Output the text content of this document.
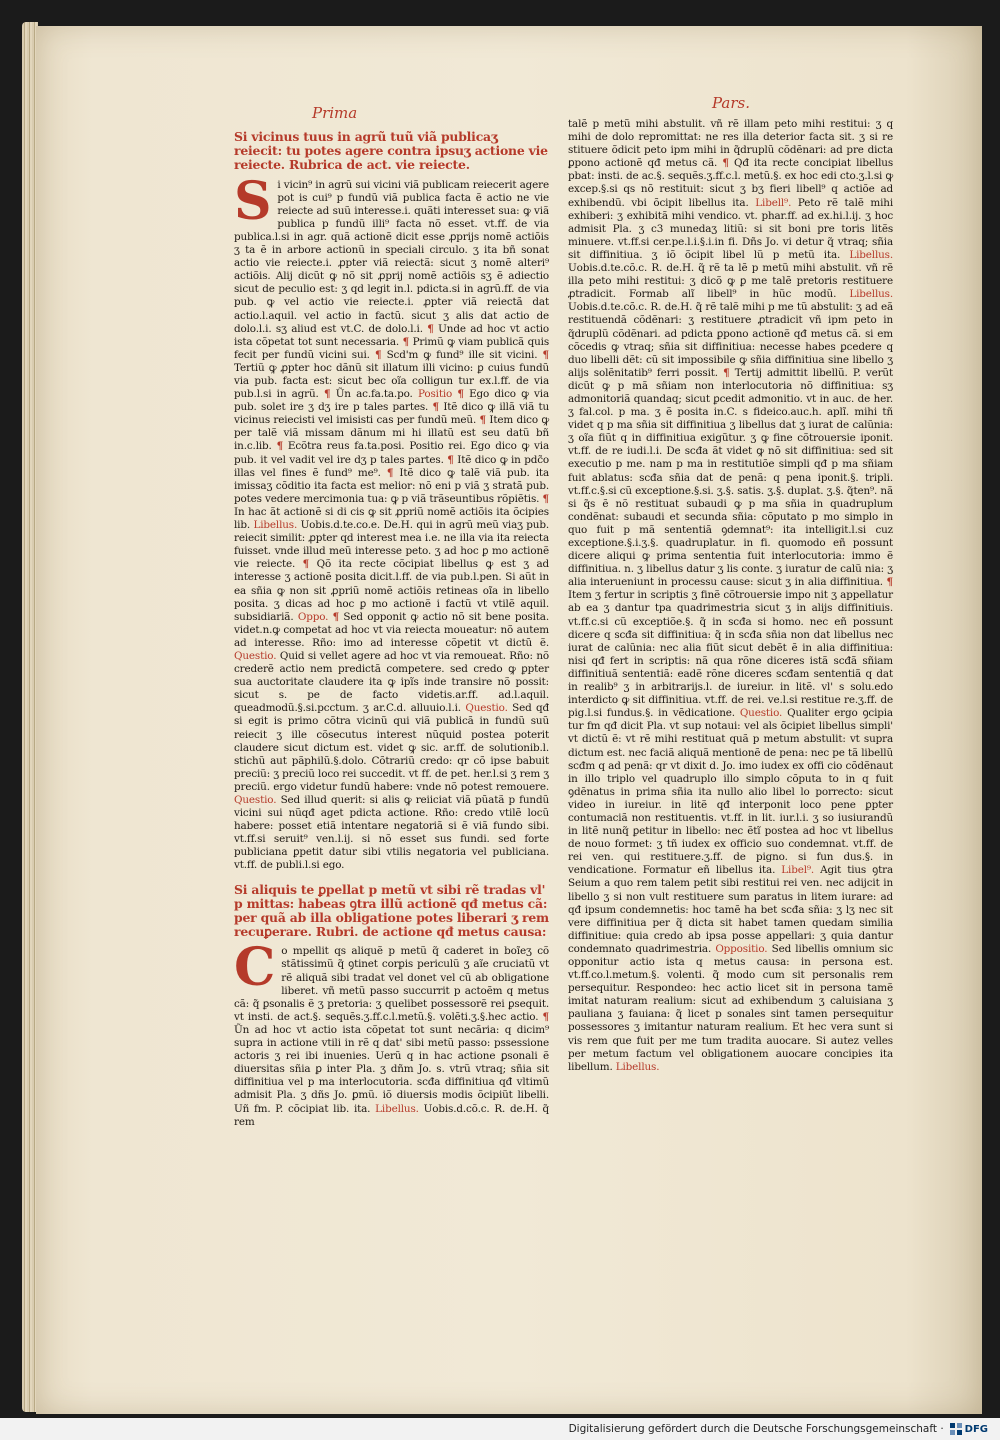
Prima
Pars.

Si vicinus tuus in agrũ tuũ viã publicaʒ reiecit: tu potes agere contra ipsuʒ actione vie reiecte. Rubrica de act. vie reiecte.

S i vicin⁹ in agrũ sui vicini viã publicam reiecerit agere pot is cui⁹ p fundũ viã publica facta ẽ actio ne vie reiecte ad suũ interesse.i. quãti interesset sua: ꝙ viã publica p fundũ illi⁹ facta nõ esset. vt.ff. de via publica.l.si in agr. quã actionẽ dicit esse ꝓprijs nomẽ actiõis ʒ ta ẽ in arbore actionũ in speciali circulo. ʒ ita bñ sonat actio vie reiecte.i. ꝓpter viã reiectã: sicut ʒ nomẽ alteri⁹ actiõis. Alij dicũt ꝙ nõ sit ꝓprij nomẽ actiõis sʒ ẽ adiectio sicut de peculio est: ʒ qd legit in.l. pdicta.si in agrũ.ff. de via pub. ꝙ vel actio vie reiecte.i. ꝓpter viã reiectã dat actio.l.aquil. vel actio in factũ. sicut ʒ alis dat actio de dolo.l.i. sʒ aliud est vt.C. de dolo.l.i. ¶ Unde ad hoc vt actio ista cõpetat tot sunt necessaria. ¶ Primũ ꝙ viam publicã quis fecit per fundũ vicini sui. ¶ Scd'm ꝙ fund⁹ ille sit vicini. ¶ Tertiũ ꝙ ꝓpter hoc dãnũ sit illatum illi vicino: ꝑ cuius fundũ via pub. facta est: sicut bec oĩa colligun tur ex.l.ff. de via pub.l.si in agrũ. ¶ Ũn ac.fa.ta.po. Positio ¶ Ego dico ꝙ via pub. solet ire ʒ dʒ ire p tales partes. ¶ Itẽ dico ꝙ illã viã tu vicinus reiecisti vel imisisti cas per fundũ meũ. ¶ Item dico ꝙ per talẽ viã missam dãnum mi hi illatũ est seu datũ bñ in.c.lib. ¶ Ecõtra reus fa.ta.posi. Positio rei. Ego dico ꝙ via pub. it vel vadit vel ire dʒ p tales partes. ¶ Itẽ dico ꝙ in pdc̃o illas vel fines ẽ fund⁹ me⁹. ¶ Itẽ dico ꝙ talẽ viã pub. ita imissaʒ cõditio ita facta est melior: nõ eni p viã ʒ stratã pub. potes vedere mercimonia tua: ꝙ p viã trãseuntibus rõpiẽtis. ¶ In hac ãt actionẽ si di cis ꝙ sit ꝓpriũ nomẽ actiõis ita õcipies lib. Libellus. Uobis.d.te.co.e. De.H. qui in agrũ meũ viaʒ pub. reiecit similit: ꝓpter qd interest mea i.e. ne illa via ita reiecta fuisset. vnde illud meũ interesse peto. ʒ ad hoc ꝑ mo actionẽ vie reiecte. ¶ Qõ ita recte cõcipiat libellus ꝙ est ʒ ad interesse ʒ actionẽ posita dicit.l.ff. de via pub.l.pen. Si aũt in ea sñia ꝙ non sit ꝓpriũ nomẽ actiõis retineas oĩa in libello posita. ʒ dicas ad hoc ꝑ mo actionẽ i factũ vt vtilẽ aquil. subsidiariã. Oppo. ¶ Sed opponit ꝙ actio nõ sit bene posita. videt.n.ꝙ competat ad hoc vt via reiecta moueatur: nõ autem ad interesse. Rño: imo ad interesse cõpetit vt dictũ ẽ. Questio. Quid si vellet agere ad hoc vt via remoueat. Rño: nõ crederẽ actio nem predictã competere. sed credo ꝙ ꝑpter sua auctoritate claudere ita ꝙ ipĩs inde transire nõ possit: sicut s. pe de facto videtis.ar.ff. ad.l.aquil. queadmodũ.§.si.pcctum. ʒ ar.C.d. alluuio.l.i. Questio. Sed qđ si egit is primo cõtra vicinũ qui viã publicã in fundũ suũ reiecit ʒ ille cõsecutus interest nũquid postea poterit claudere sicut dictum est. videt ꝙ sic. ar.ff. de solutionib.l. stichũ aut pãphilũ.§.dolo. Cõtrariũ credo: qr cõ ipse babuit preciũ: ʒ preciũ loco rei succedit. vt ff. de pet. her.l.si ʒ rem ʒ preciũ. ergo videtur fundũ habere: vnde nõ potest remouere. Questio. Sed illud querit: si alis ꝙ reiiciat viã pũatã p fundũ vicini sui nũqđ aget pdicta actione. Rño: credo vtilẽ locũ habere: posset etiã intentare negatoriã si ẽ viã fundo sibi. vt.ff.si seruit⁹ ven.l.ij. si nõ esset sus fundi. sed forte publiciana ꝑpetit datur sibi vtilis negatoria vel publiciana. vt.ff. de publi.l.si ego.

Si aliquis te ꝑpellat p metũ vt sibi rẽ tradas vl' p mittas: habeas ꝯtra illũ actionẽ qđ metus cã: per quã ab illa obligatione potes liberari ʒ rem recuꝑerare. Rubri. de actione qđ metus causa:

C o mpellit qs aliquẽ p metũ q̃ caderet in boĩeʒ cõ stãtissimũ q̃ ꝯtinet corꝑis periculũ ʒ aĩe cruciatũ vt rẽ aliquã sibi tradat vel donet vel cũ ab obligatione liberet. vñ metũ passo succurrit p actoẽm q metus cã: q̃ ꝑsonalis ẽ ʒ pretoria: ʒ quelibet possessorẽ rei ꝑsequit. vt insti. de act.§. sequẽs.ʒ.ff.c.l.metũ.§. volẽti.ʒ.§.hec actio. ¶ Ũn ad hoc vt actio ista cõpetat tot sunt necãria: q dicim⁹ supra in actione vtili in rẽ q dat' sibi metũ passo: pssessione actoris ʒ rei ibi inuenies. Uerũ q in hac actione ꝑsonali ẽ diuersitas sñia ꝑ inter Pla. ʒ dñm Jo. s. vtrũ vtraq; sñia sit diffinitiua vel p ma interlocutoria. scđa diffinitiua qđ vltimũ admisit Pla. ʒ dñs Jo. ꝑmũ. iõ diuersis modis õcipiũt libelli. Uñ fm. P. cõcipiat lib. ita. Libellus. Uobis.d.cõ.c. R. de.H. q̃ rem

talẽ p metũ mihi abstulit. vñ rẽ illam peto mihi restitui: ʒ q mihi de dolo repromittat: ne res illa deterior facta sit. ʒ si re stituere õdicit peto ipm mihi in q̃druplũ cõdẽnari: ad pre dicta ꝑpono actionẽ qđ metus cã. ¶ Qđ ita recte concipiat libellus pbat: insti. de ac.§. sequẽs.ʒ.ff.c.l. metũ.§. ex hoc edi cto.ʒ.l.si ꝙ excep.§.si qs nõ restituit: sicut ʒ bʒ fieri libell⁹ q actiõe ad exhibendũ. vbi õcipit libellus ita. Libell⁹. Peto rẽ talẽ mihi exhiberi: ʒ exhibitã mihi vendico. vt. phar.ff. ad ex.hi.l.ij. ʒ hoc admisit Pla. ʒ c3 munedaʒ litiũ: si sit boni pre toris litẽs minuere. vt.ff.si cer.pe.l.i.§.i.in fi. Dñs Jo. vi detur q̃ vtraq; sñia sit diffinitiua. ʒ iõ õcipit libel lũ p metũ ita. Libellus. Uobis.d.te.cõ.c. R. de.H. q̃ rẽ ta lẽ p metũ mihi abstulit. vñ rẽ illa peto mihi restitui: ʒ dicõ ꝙ ꝑ me talẽ pretoris restituere ꝓtradicit. Formab alĩ libell⁹ in hũc modũ. Libellus. Uobis.d.te.cõ.c. R. de.H. q̃ rẽ talẽ mihi p me tũ abstulit: ʒ ad eã restituendã cõdẽnari: ʒ restituere ꝓtradicit vñ ipm peto in q̃druplũ cõdẽnari. ad pdicta ꝑpono actionẽ qđ metus cã. si em cõcedis ꝙ vtraq; sñia sit diffinitiua: necesse habes ꝑcedere q duo libelli dẽt: cũ sit impossibile ꝙ sñia diffinitiua sine libello ʒ alijs solẽnitatib⁹ ferri possit. ¶ Tertij admittit libellũ. P. verũt dicũt ꝙ p mã sñiam non interlocutoria nõ diffinitiua: sʒ admonitoriã quandaq; sicut ꝑcedit admonitio. vt in auc. de her. ʒ fal.col. p ma. ʒ ẽ posita in.C. s fideico.auc.h. aplĩ. mihi tñ videt q p ma sñia sit diffinitiua ʒ libellus dat ʒ iurat de calũnia: ʒ oĩa fiũt q in diffinitiua exigũtur. ʒ ꝙ fine cõtrouersie iponit. vt.ff. de re iudi.l.i. De scđa ãt videt ꝙ nõ sit diffinitiua: sed sit executio p me. nam p ma in restitutiõe simpli qđ p ma sñiam fuit ablatus: scđa sñia dat de penã: q pena iponit.§. tripli. vt.ff.c.§.si cũ exceptione.§.si. ʒ.§. satis. ʒ.§. duplat. ʒ.§. q̃ten⁹. nã si q̃s ẽ nõ restituat subaudi ꝙ p ma sñia in quadruplum condẽnat: subaudi et secunda sñia: cõputato p mo simplo in quo fuit p mã sententiã ꝯdemnat⁹: ita intelligit.l.si cuz exceptione.§.i.ʒ.§. quadruplatur. in fi. quomodo eñ possunt dicere aliqui ꝙ prima sententia fuit interlocutoria: immo ẽ diffinitiua. n. ʒ libellus datur ʒ lis conte. ʒ iuratur de calũ nia: ʒ alia interueniunt in processu cause: sicut ʒ in alia diffinitiua. ¶ Item ʒ fertur in scriptis ʒ finẽ cõtrouersie impo nit ʒ appellatur ab ea ʒ dantur tpa quadrimestria sicut ʒ in alijs diffinitiuis. vt.ff.c.si cũ exceptiõe.§. q̃ in scđa si homo. nec eñ possunt dicere q scđa sit diffinitiua: q̃ in scđa sñia non dat libellus nec iurat de calũnia: nec alia fiũt sicut debẽt ẽ in alia diffinitiua: nisi qđ fert in scriptis: nã qua rõne diceres istã scđã sñiam diffinitiuã sententiã: eadẽ rõne diceres scđam sententiã q dat in realib⁹ ʒ in arbitrarijs.l. de iureiur. in litẽ. vl' s solu.edo interdicto ꝙ sit diffinitiua. vt.ff. de rei. ve.l.si restitue re.ʒ.ff. de pig.l.si fundus.§. in vẽdicatione. Questio. Qualiter ergo ꝯcipia tur fm qđ dicit Pla. vt sup notaui: vel als õcipiet libellus simpli' vt dictũ ẽ: vt rẽ mihi restituat quã p metum abstulit: vt supra dictum est. nec faciã aliquã mentionẽ de pena: nec pe tã libellũ scđm q ad penã: qr vt dixit d. Jo. imo iudex ex offi cio cõdẽnaut in illo triplo vel quadruplo illo simplo cõputa to in q fuit ꝯdẽnatus in prima sñia ita nullo alio libel lo porrecto: sicut video in iureiur. in litẽ qđ interponit loco pene ꝑpter contumaciã non restituentis. vt.ff. in lit. iur.l.i. ʒ so iusiurandũ in litẽ nunq̃ ꝑetitur in libello: nec ẽtĩ postea ad hoc vt libellus de nouo formet: ʒ tñ iudex ex officio suo condemnat. vt.ff. de rei ven. qui restituere.ʒ.ff. de pigno. si fun dus.§. in vendicatione. Formatur eñ libellus ita. Libel⁹. Agit tius ꝯtra Seium a quo rem talem petit sibi restitui rei ven. nec adijcit in libello ʒ si non vult restituere sum paratus in litem iurare: ad qđ ipsum condemnetis: hoc tamẽ ha bet scđa sñia: ʒ lʒ nec sit vere diffinitiua per q̃ dicta sit habet tamen quedam similia diffinitiue: quia credo ab ipsa posse appellari: ʒ quia dantur condemnato quadrimestria. Oppositio. Sed libellis omnium sic opponitur actio ista q metus causa: in persona est. vt.ff.co.l.metum.§. volenti. q̃ modo cum sit personalis rem persequitur. Respondeo: hec actio licet sit in persona tamẽ imitat naturam realium: sicut ad exhibendum ʒ caluisiana ʒ pauliana ʒ fauiana: q̃ licet p sonales sint tamen persequitur possessores ʒ imitantur naturam realium. Et hec vera sunt si vis rem que fuit per me tum tradita auocare. Si autez velles per metum factum vel obligationem auocare concipies ita libellum. Libellus.

Digitalisierung gefördert durch die Deutsche Forschungsgemeinschaft · DFG
